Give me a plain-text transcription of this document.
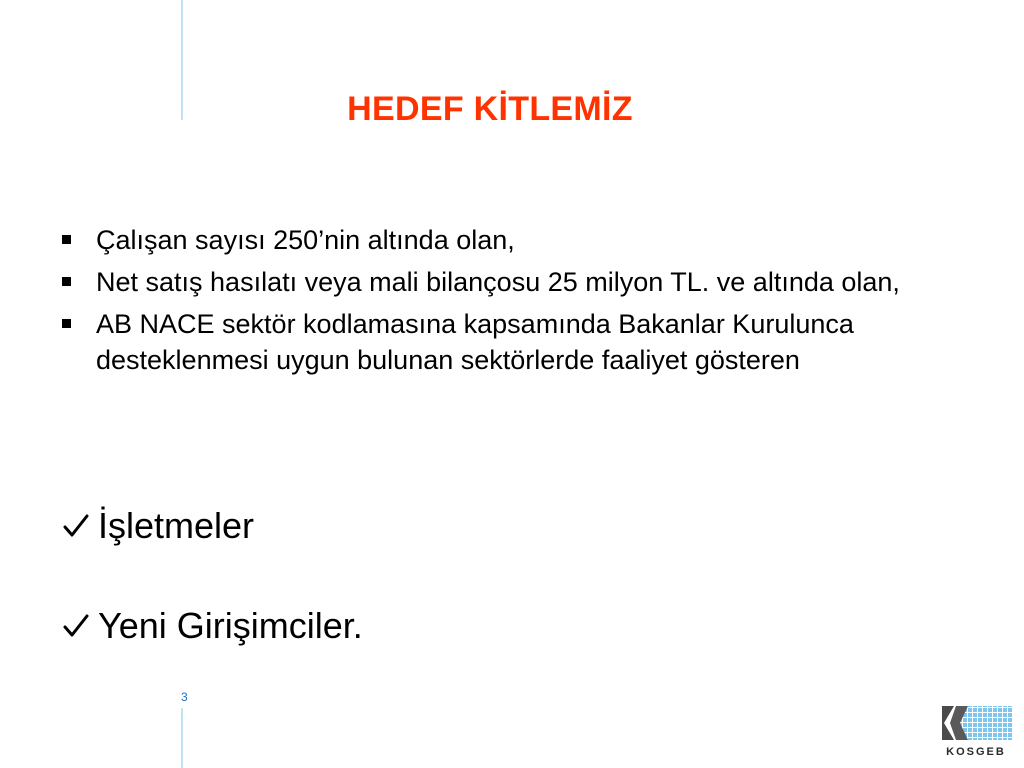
HEDEF KİTLEMİZ
Çalışan sayısı 250’nin altında olan,
Net satış hasılatı veya mali bilançosu 25 milyon TL. ve altında olan,
AB NACE sektör kodlamasına kapsamında Bakanlar Kurulunca desteklenmesi uygun bulunan sektörlerde faaliyet gösteren
İşletmeler
Yeni Girişimciler.
3
KOSGEB
